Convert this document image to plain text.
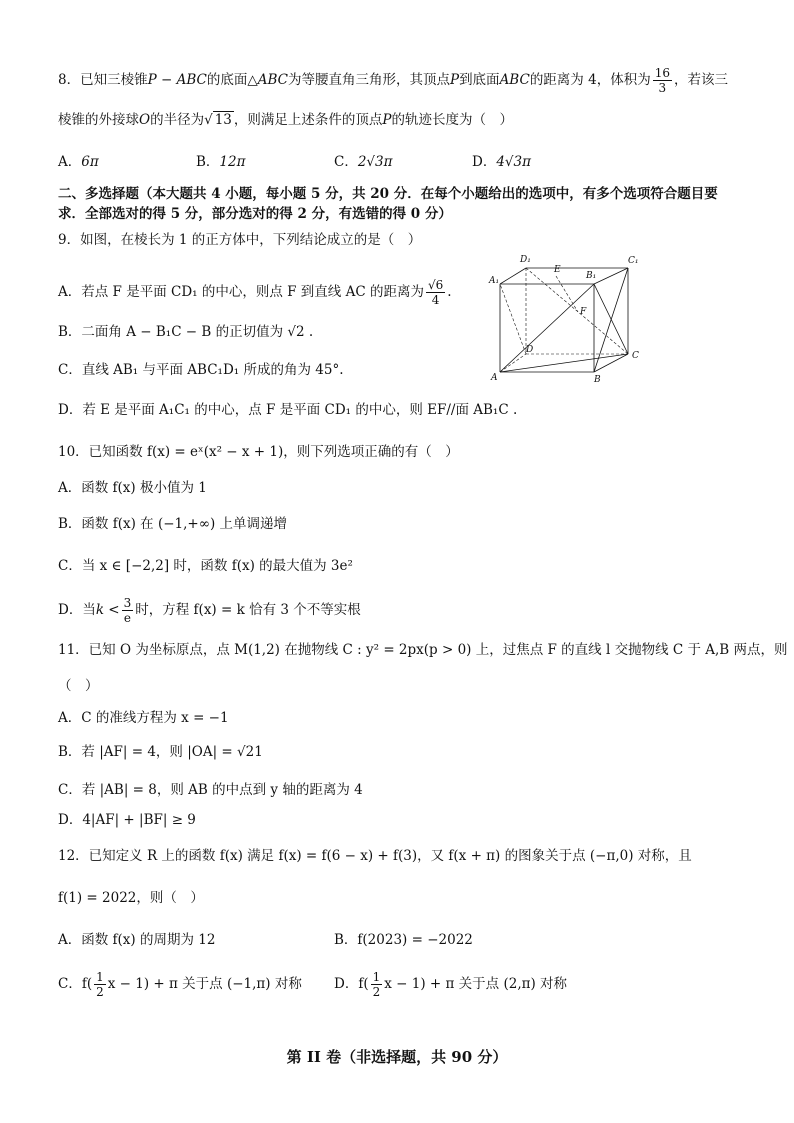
8．已知三棱锥P − ABC的底面△ABC为等腰直角三角形，其顶点P到底面ABC的距离为 4，体积为 $\frac{16}{3}$ ，若该三
棱锥的外接球O的半径为√ 13 ，则满足上述条件的顶点P的轨迹长度为（　）
A．6π	B．12π	C．2√3π	D．4√3π
二、多选择题（本大题共 4 小题，每小题 5 分，共 20 分．在每个小题给出的选项中，有多个选项符合题目要
求．全部选对的得 5 分，部分选对的得 2 分，有选错的得 0 分）
9．如图，在棱长为 1 的正方体中，下列结论成立的是（　）
A．若点 F 是平面 CD₁ 的中心，则点 F 到直线 AC 的距离为 $\frac{√6}{4}$ .
B．二面角 A − B₁C − B 的正切值为 √2 .
C．直线 AB₁ 与平面 ABC₁D₁ 所成的角为 45°.
D．若 E 是平面 A₁C₁ 的中心，点 F 是平面 CD₁ 的中心，则 EF//面 AB₁C .
D₁
E
B₁
C₁
A₁
F
D
C
A	B
10．已知函数 f(x) = eˣ(x² − x + 1)，则下列选项正确的有（　）
A．函数 f(x) 极小值为 1
B．函数 f(x) 在 (−1,+∞) 上单调递增
C．当 x ∈ [−2,2] 时，函数 f(x) 的最大值为 3e²
D．当$k < \frac{3}{e}$ 时，方程 f(x) = k 恰有 3 个不等实根
11．已知 O 为坐标原点，点 M(1,2) 在抛物线 C : y² = 2px(p > 0) 上，过焦点 F 的直线 l 交抛物线 C 于 A,B 两点，则
（　）
A．C 的准线方程为 x = −1
B．若 |AF| = 4，则 |OA| = √21
C．若 |AB| = 8，则 AB 的中点到 y 轴的距离为 4
D．4|AF| + |BF| ≥ 9
12．已知定义 R 上的函数 f(x) 满足 f(x) = f(6 − x) + f(3)，又 f(x + π) 的图象关于点 (−π,0) 对称，且
f(1) = 2022，则（　）
A．函数 f(x) 的周期为 12	B．f(2023) = −2022
C．$f( \frac{1}{2}$ x − 1) + π 关于点 (−1,π) 对称 D．$f( \frac{1}{2}$ x − 1) + π 关于点 (2,π) 对称
第 II 卷（非选择题，共 90 分）
